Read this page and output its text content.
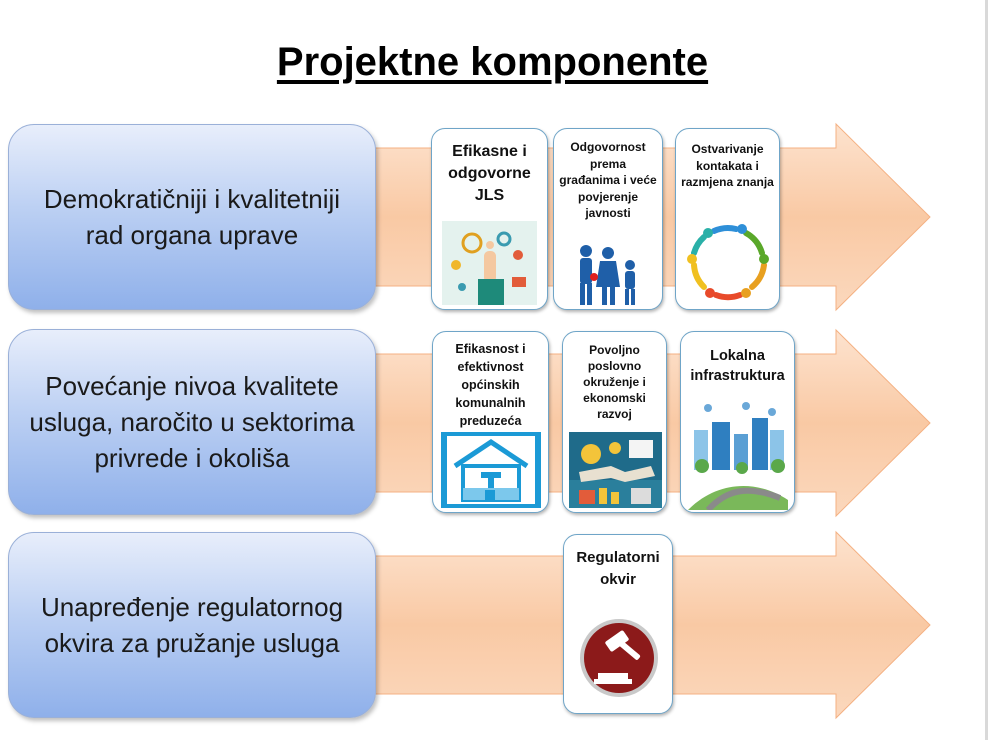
Projektne komponente
Demokratičniji i kvalitetniji rad organa uprave
Povećanje nivoa kvalitete usluga, naročito u sektorima privrede i okoliša
Unapređenje regulatornog okvira za pružanje usluga
Efikasne i odgovorne JLS
Odgovornost prema građanima i veće povjerenje javnosti
Ostvarivanje kontakata i razmjena znanja
Efikasnost i efektivnost općinskih komunalnih preduzeća
Povoljno poslovno okruženje i ekonomski razvoj
Lokalna infrastruktura
Regulatorni okvir
